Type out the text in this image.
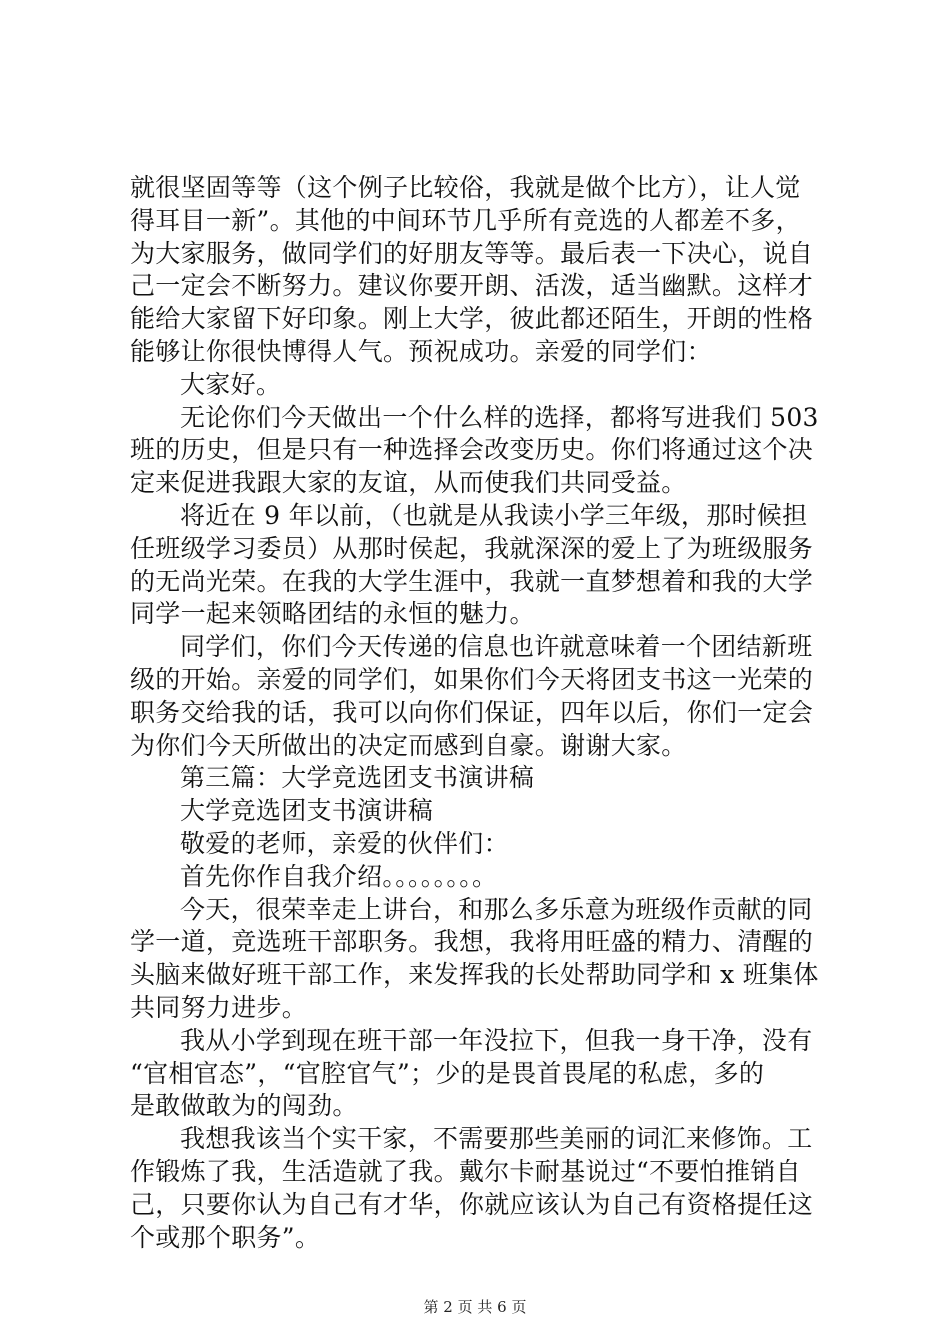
就很坚固等等（这个例子比较俗，我就是做个比方），让人觉
得耳目一新”。其他的中间环节几乎所有竞选的人都差不多，
为大家服务，做同学们的好朋友等等。最后表一下决心，说自
己一定会不断努力。建议你要开朗、活泼，适当幽默。这样才
能给大家留下好印象。刚上大学，彼此都还陌生，开朗的性格
能够让你很快博得人气。预祝成功。亲爱的同学们：
大家好。
无论你们今天做出一个什么样的选择，都将写进我们 503
班的历史，但是只有一种选择会改变历史。你们将通过这个决
定来促进我跟大家的友谊，从而使我们共同受益。
将近在 9 年以前，（也就是从我读小学三年级，那时候担
任班级学习委员）从那时侯起，我就深深的爱上了为班级服务
的无尚光荣。在我的大学生涯中，我就一直梦想着和我的大学
同学一起来领略团结的永恒的魅力。
同学们，你们今天传递的信息也许就意味着一个团结新班
级的开始。亲爱的同学们，如果你们今天将团支书这一光荣的
职务交给我的话，我可以向你们保证，四年以后，你们一定会
为你们今天所做出的决定而感到自豪。谢谢大家。
第三篇：大学竞选团支书演讲稿
大学竞选团支书演讲稿
敬爱的老师，亲爱的伙伴们：
首先你作自我介绍。。。。。。。。
今天，很荣幸走上讲台，和那么多乐意为班级作贡献的同
学一道，竞选班干部职务。我想，我将用旺盛的精力、清醒的
头脑来做好班干部工作，来发挥我的长处帮助同学和 x 班集体
共同努力进步。
我从小学到现在班干部一年没拉下，但我一身干净，没有
“官相官态”，“官腔官气”；少的是畏首畏尾的私虑，多的
是敢做敢为的闯劲。
我想我该当个实干家，不需要那些美丽的词汇来修饰。工
作锻炼了我，生活造就了我。戴尔卡耐基说过“不要怕推销自
己，只要你认为自己有才华，你就应该认为自己有资格提任这
个或那个职务”。
第 2 页 共 6 页
